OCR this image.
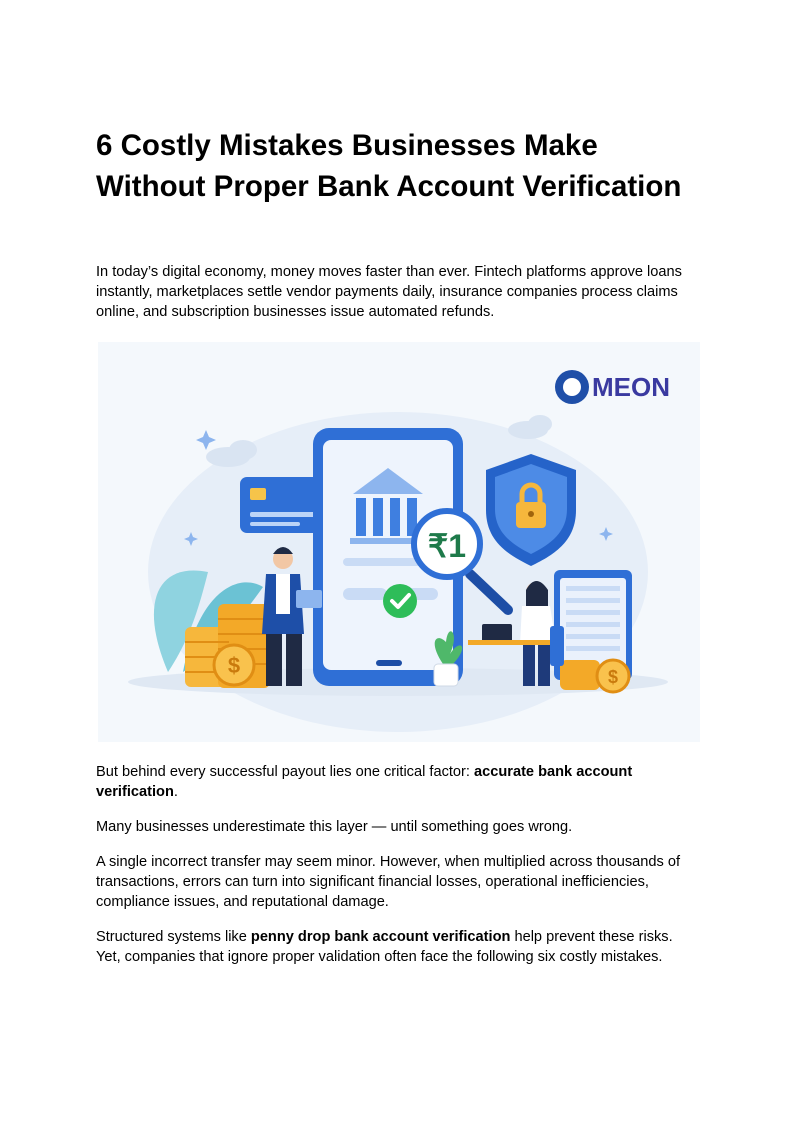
6 Costly Mistakes Businesses Make Without Proper Bank Account Verification

In today’s digital economy, money moves faster than ever. Fintech platforms approve loans instantly, marketplaces settle vendor payments daily, insurance companies process claims online, and subscription businesses issue automated refunds.

But behind every successful payout lies one critical factor: accurate bank account verification.

Many businesses underestimate this layer — until something goes wrong.

A single incorrect transfer may seem minor. However, when multiplied across thousands of transactions, errors can turn into significant financial losses, operational inefficiencies, compliance issues, and reputational damage.

Structured systems like penny drop bank account verification help prevent these risks. Yet, companies that ignore proper validation often face the following six costly mistakes.

MEON
$
₹1
$
